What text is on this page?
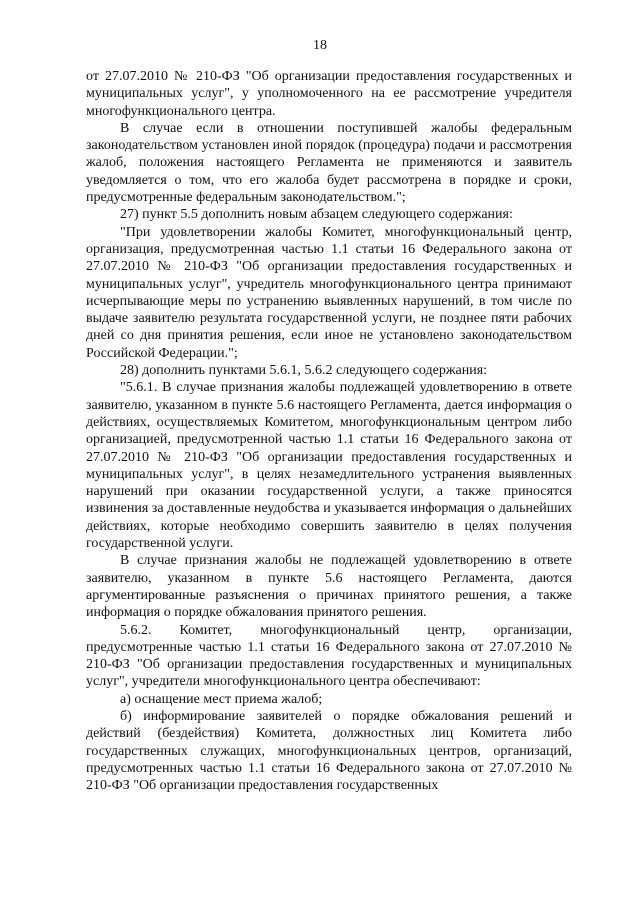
18

от 27.07.2010 № 210-ФЗ "Об организации предоставления государственных и муниципальных услуг", у уполномоченного на ее рассмотрение учредителя многофункционального центра.

В случае если в отношении поступившей жалобы федеральным законодательством установлен иной порядок (процедура) подачи и рассмотрения жалоб, положения настоящего Регламента не применяются и заявитель уведомляется о том, что его жалоба будет рассмотрена в порядке и сроки, предусмотренные федеральным законодательством.";

27) пункт 5.5 дополнить новым абзацем следующего содержания:

"При удовлетворении жалобы Комитет, многофункциональный центр, организация, предусмотренная частью 1.1 статьи 16 Федерального закона от 27.07.2010 № 210-ФЗ "Об организации предоставления государственных и муниципальных услуг", учредитель многофункционального центра принимают исчерпывающие меры по устранению выявленных нарушений, в том числе по выдаче заявителю результата государственной услуги, не позднее пяти рабочих дней со дня принятия решения, если иное не установлено законодательством Российской Федерации.";

28) дополнить пунктами 5.6.1, 5.6.2 следующего содержания:

"5.6.1. В случае признания жалобы подлежащей удовлетворению в ответе заявителю, указанном в пункте 5.6 настоящего Регламента, дается информация о действиях, осуществляемых Комитетом, многофункциональным центром либо организацией, предусмотренной частью 1.1 статьи 16 Федерального закона от 27.07.2010 № 210-ФЗ "Об организации предоставления государственных и муниципальных услуг", в целях незамедлительного устранения выявленных нарушений при оказании государственной услуги, а также приносятся извинения за доставленные неудобства и указывается информация о дальнейших действиях, которые необходимо совершить заявителю в целях получения государственной услуги.

В случае признания жалобы не подлежащей удовлетворению в ответе заявителю, указанном в пункте 5.6 настоящего Регламента, даются аргументированные разъяснения о причинах принятого решения, а также информация о порядке обжалования принятого решения.

5.6.2. Комитет, многофункциональный центр, организации, предусмотренные частью 1.1 статьи 16 Федерального закона от 27.07.2010 № 210-ФЗ "Об организации предоставления государственных и муниципальных услуг", учредители многофункционального центра обеспечивают:

а) оснащение мест приема жалоб;

б) информирование заявителей о порядке обжалования решений и действий (бездействия) Комитета, должностных лиц Комитета либо государственных служащих, многофункциональных центров, организаций, предусмотренных частью 1.1 статьи 16 Федерального закона от 27.07.2010 № 210-ФЗ "Об организации предоставления государственных
